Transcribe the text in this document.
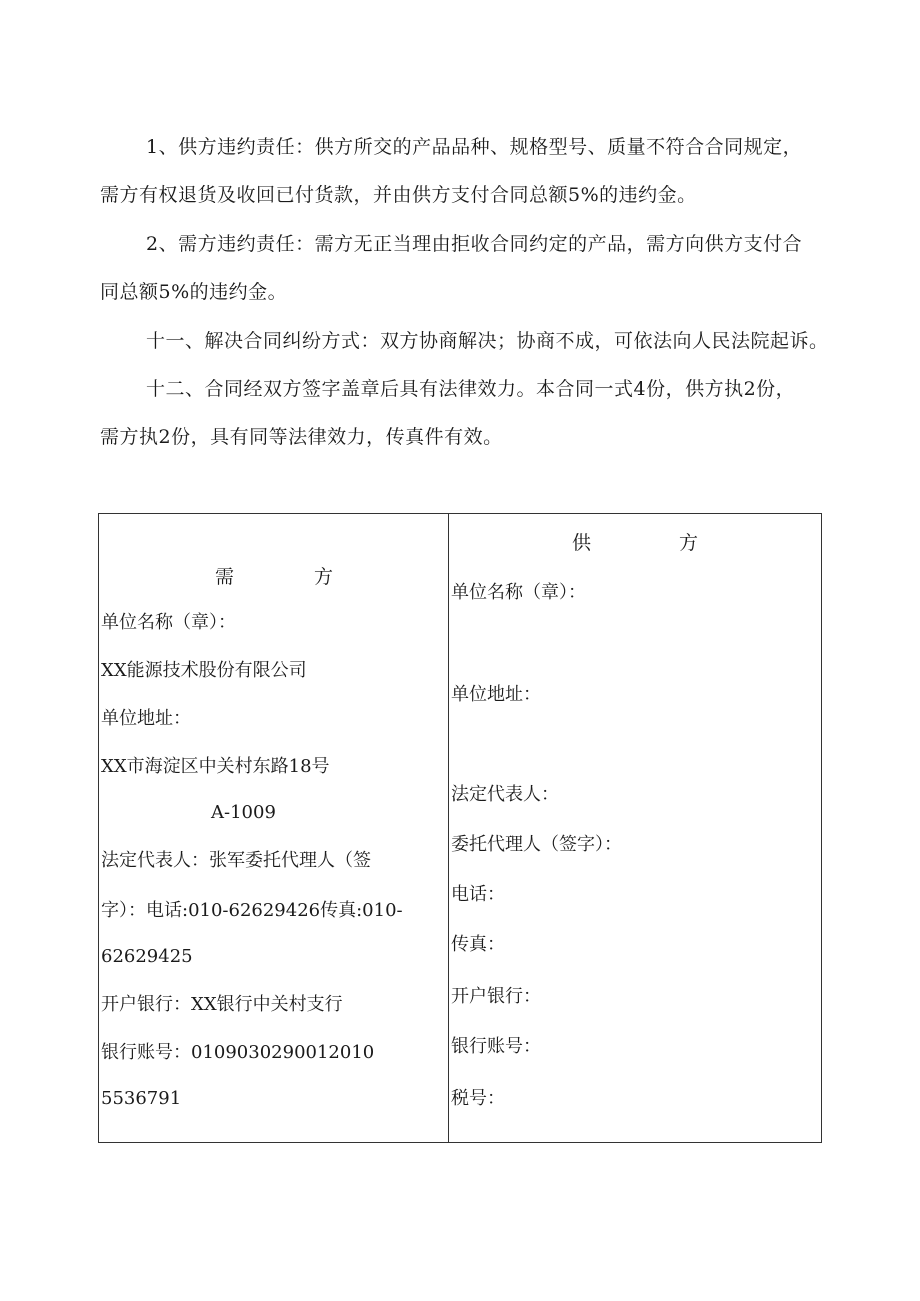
1、供方违约责任：供方所交的产品品种、规格型号、质量不符合合同规定，
需方有权退货及收回已付货款，并由供方支付合同总额5%的违约金。
2、需方违约责任：需方无正当理由拒收合同约定的产品，需方向供方支付合
同总额5%的违约金。
十一、解决合同纠纷方式：双方协商解决；协商不成，可依法向人民法院起诉。
十二、合同经双方签字盖章后具有法律效力。本合同一式4份，供方执2份，
需方执2份，具有同等法律效力，传真件有效。
需	方
单位名称（章）：
XX能源技术股份有限公司
单位地址：
XX市海淀区中关村东路18号
A-1009
法定代表人：张军委托代理人（签
字）：电话:010-62629426传真:010-
62629425
开户银行：XX银行中关村支行
银行账号：0109030290012010
5536791
供	方
单位名称（章）：
单位地址：
法定代表人：
委托代理人（签字）：
电话：
传真：
开户银行：
银行账号：
税号：
